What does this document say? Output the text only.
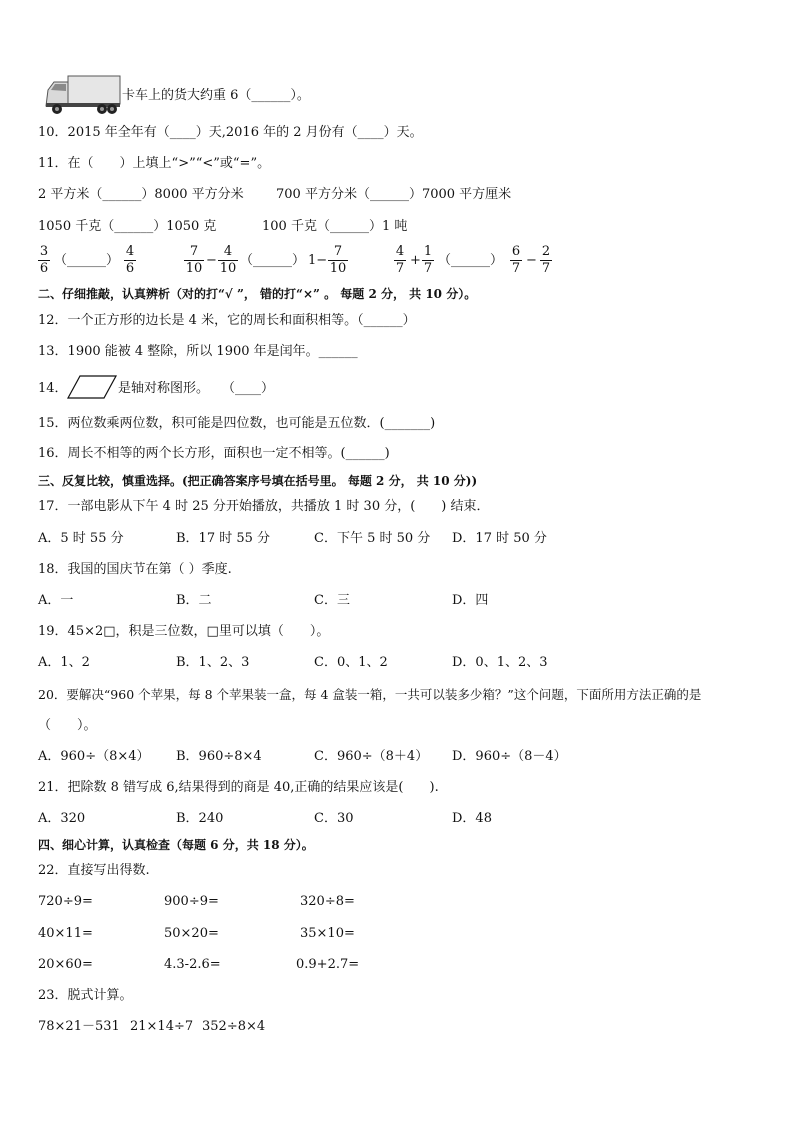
卡车上的货大约重 6（______）。
10．2015 年全年有（____）天,2016 年的 2 月份有（____）天。
11．在（　　）上填上“>”“<”或“=”。
2 平方米（______）8000 平方分米 700 平方分米（______）7000 平方厘米
1050 千克（______）1050 克	100 千克（______）1 吨
$\frac{3}{6}$ （______） $\frac{4}{6}$	$\frac{7}{10} - \frac{4}{10}$ （______） $1- \frac{7}{10}$	$\frac{4}{7} + \frac{1}{7}$ （______） $\frac{6}{7} - \frac{2}{7}$
二、仔细推敲，认真辨析（对的打“√ ”， 错的打“×” 。 每题 2 分， 共 10 分）。
12．一个正方形的边长是 4 米，它的周长和面积相等。（______）
13．1900 能被 4 整除，所以 1900 年是闰年。______
14．	是轴对称图形。　　（____）
15．两位数乘两位数，积可能是四位数，也可能是五位数．(_______)
16．周长不相等的两个长方形，面积也一定不相等。(______)
三、反复比较，慎重选择。(把正确答案序号填在括号里。 每题 2 分， 共 10 分))
17．一部电影从下午 4 时 25 分开始播放，共播放 1 时 30 分，(　　) 结束．
A．5 时 55 分	B．17 时 55 分	C．下午 5 时 50 分 D．17 时 50 分
18．我国的国庆节在第（ ）季度.
A．一	B．二	C．三	D．四
19．45×2□，积是三位数，□里可以填（　　）。
A．1、2	B．1、2、3	C．0、1、2	D．0、1、2、3
20．要解决“960 个苹果，每 8 个苹果装一盒，每 4 盒装一箱，一共可以装多少箱？”这个问题，下面所用方法正确的是
（　　）。
A．960÷（8×4） B．960÷8×4	C．960÷（8＋4） D．960÷（8－4）
21．把除数 8 错写成 6,结果得到的商是 40,正确的结果应该是(　　).
A．320	B．240	C．30	D．48
四、细心计算，认真检查（每题 6 分，共 18 分）。
22．直接写出得数.
720÷9=	900÷9=	320÷8=
40×11=	50×20=	35×10=
20×60=	4.3-2.6=	0.9+2.7=
23．脱式计算。
78×21－531 21×14÷7 352÷8×4
